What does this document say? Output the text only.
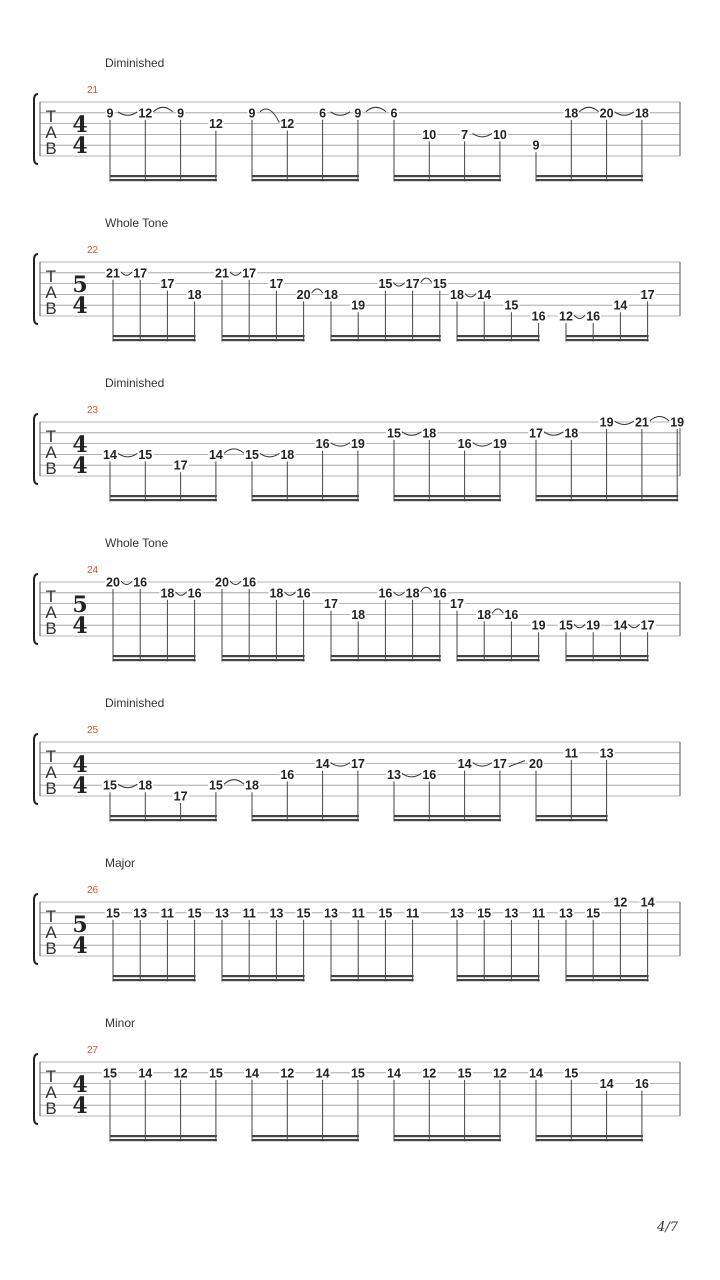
Diminished
21
T
A
B
4
4
9 12 9
12
9
12
6 9 6
10 7 10
9
18 20 18
Whole Tone
22
T
A
B
5
4
21 17
17
18
21 17
17
20 18
19
15 17 15
18 14
15
16 12 16
14
17
Diminished
23
T
A
B
4
4 14 15
17
14 15 18
16 19
15 18
16 19
17 18
19 21 19
Whole Tone
24
T
A
B
5
4
20 16
18 16
20 16
18 16
17
18
16 18 16
17
18 16
19 15 19 14 17
Diminished
25
T
A
B
4
4 15 18
17
15 18
16
14 17
13 16
14 17 20
11 13
Major
26
T
A
B
5
4
15 13 11 15 13 11 13 15 13 11 15 11 13 15 13 11 13 15
12 14
Minor
27
T
A
B
4
4
15 14 12 15 14 12 14 15 14 12 15 12 14 15
14 16
4/7
